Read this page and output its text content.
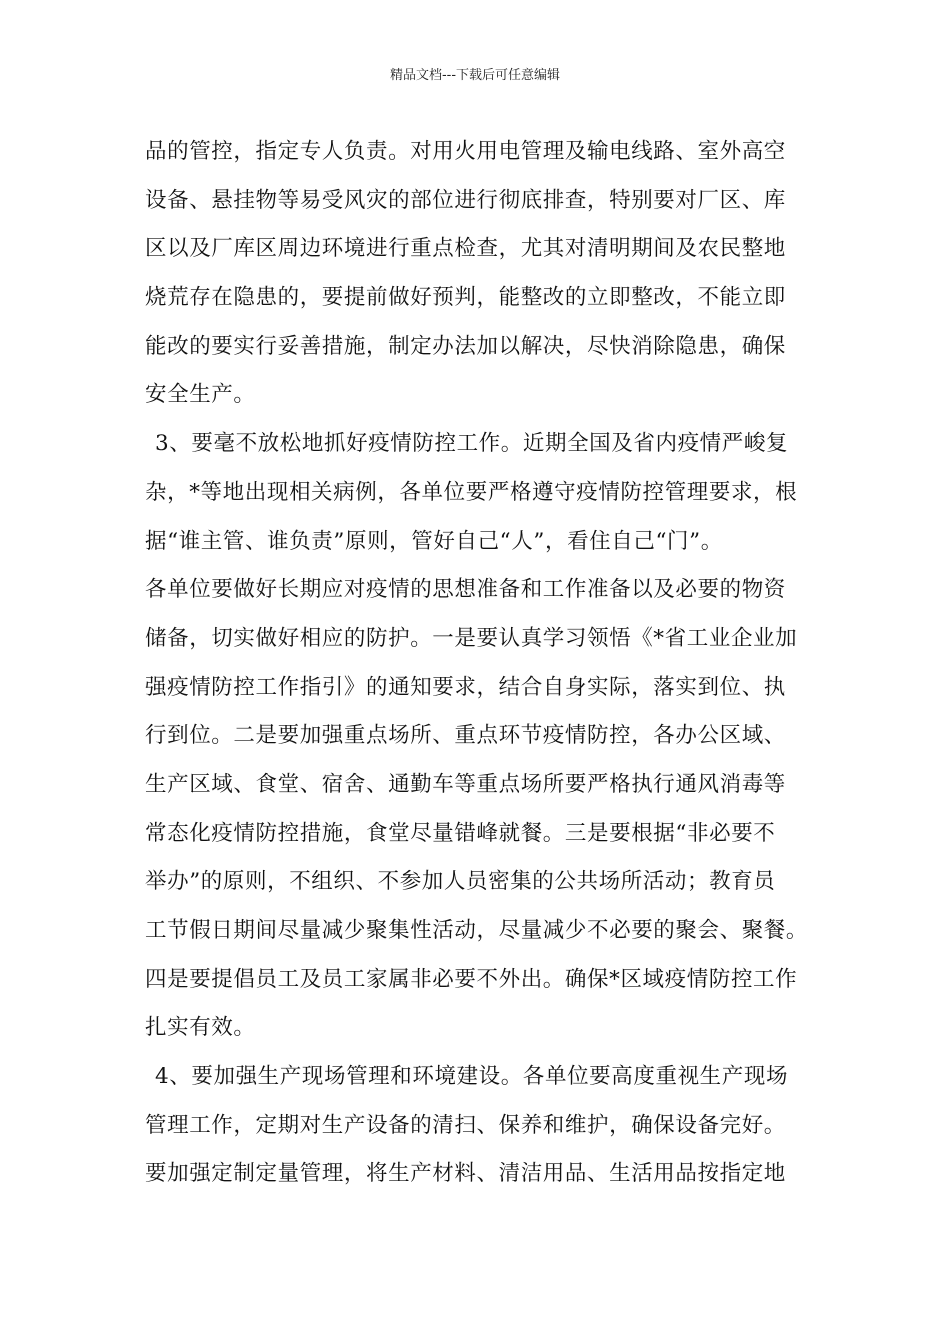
精品文档---下载后可任意编辑
品的管控，指定专人负责。对用火用电管理及输电线路、室外高空
设备、悬挂物等易受风灾的部位进行彻底排查，特别要对厂区、库
区以及厂库区周边环境进行重点检查，尤其对清明期间及农民整地
烧荒存在隐患的，要提前做好预判，能整改的立即整改，不能立即
能改的要实行妥善措施，制定办法加以解决，尽快消除隐患，确保
安全生产。
3、要毫不放松地抓好疫情防控工作。近期全国及省内疫情严峻复
杂，*等地出现相关病例，各单位要严格遵守疫情防控管理要求，根
据“谁主管、谁负责”原则，管好自己“人”，看住自己“门”。
各单位要做好长期应对疫情的思想准备和工作准备以及必要的物资
储备，切实做好相应的防护。一是要认真学习领悟《*省工业企业加
强疫情防控工作指引》的通知要求，结合自身实际，落实到位、执
行到位。二是要加强重点场所、重点环节疫情防控，各办公区域、
生产区域、食堂、宿舍、通勤车等重点场所要严格执行通风消毒等
常态化疫情防控措施，食堂尽量错峰就餐。三是要根据“非必要不
举办”的原则，不组织、不参加人员密集的公共场所活动；教育员
工节假日期间尽量减少聚集性活动，尽量减少不必要的聚会、聚餐。
四是要提倡员工及员工家属非必要不外出。确保*区域疫情防控工作
扎实有效。
4、要加强生产现场管理和环境建设。各单位要高度重视生产现场
管理工作，定期对生产设备的清扫、保养和维护，确保设备完好。
要加强定制定量管理，将生产材料、清洁用品、生活用品按指定地
